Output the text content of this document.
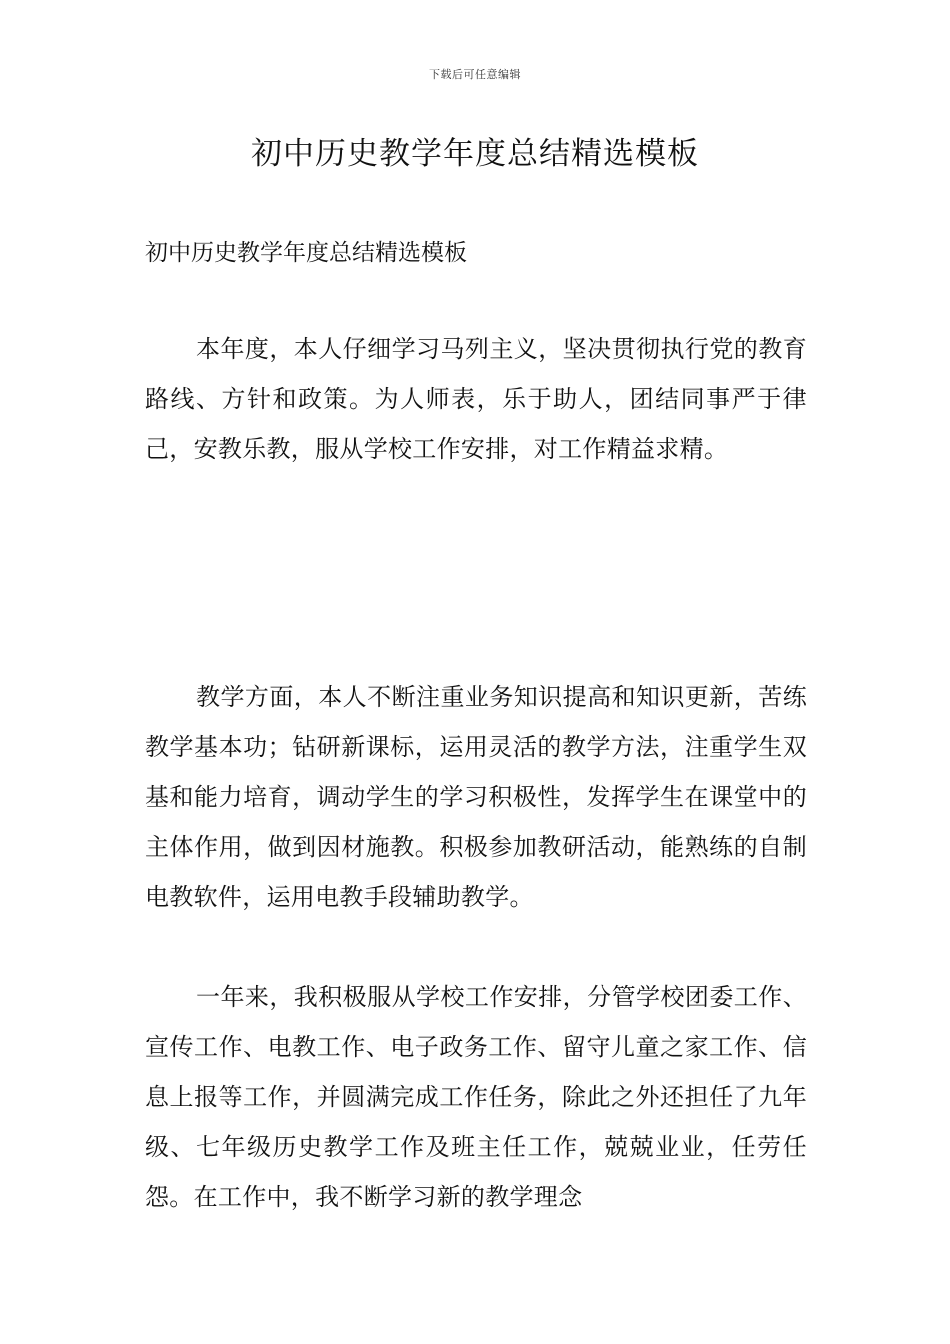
下载后可任意编辑
初中历史教学年度总结精选模板

初中历史教学年度总结精选模板

本年度，本人仔细学习马列主义，坚决贯彻执行党的教育路线、方针和政策。为人师表，乐于助人，团结同事严于律己，安教乐教，服从学校工作安排，对工作精益求精。

教学方面，本人不断注重业务知识提高和知识更新，苦练教学基本功；钻研新课标，运用灵活的教学方法，注重学生双基和能力培育，调动学生的学习积极性，发挥学生在课堂中的主体作用，做到因材施教。积极参加教研活动，能熟练的自制电教软件，运用电教手段辅助教学。

一年来，我积极服从学校工作安排，分管学校团委工作、宣传工作、电教工作、电子政务工作、留守儿童之家工作、信息上报等工作，并圆满完成工作任务，除此之外还担任了九年级、七年级历史教学工作及班主任工作，兢兢业业，任劳任怨。在工作中，我不断学习新的教学理念
